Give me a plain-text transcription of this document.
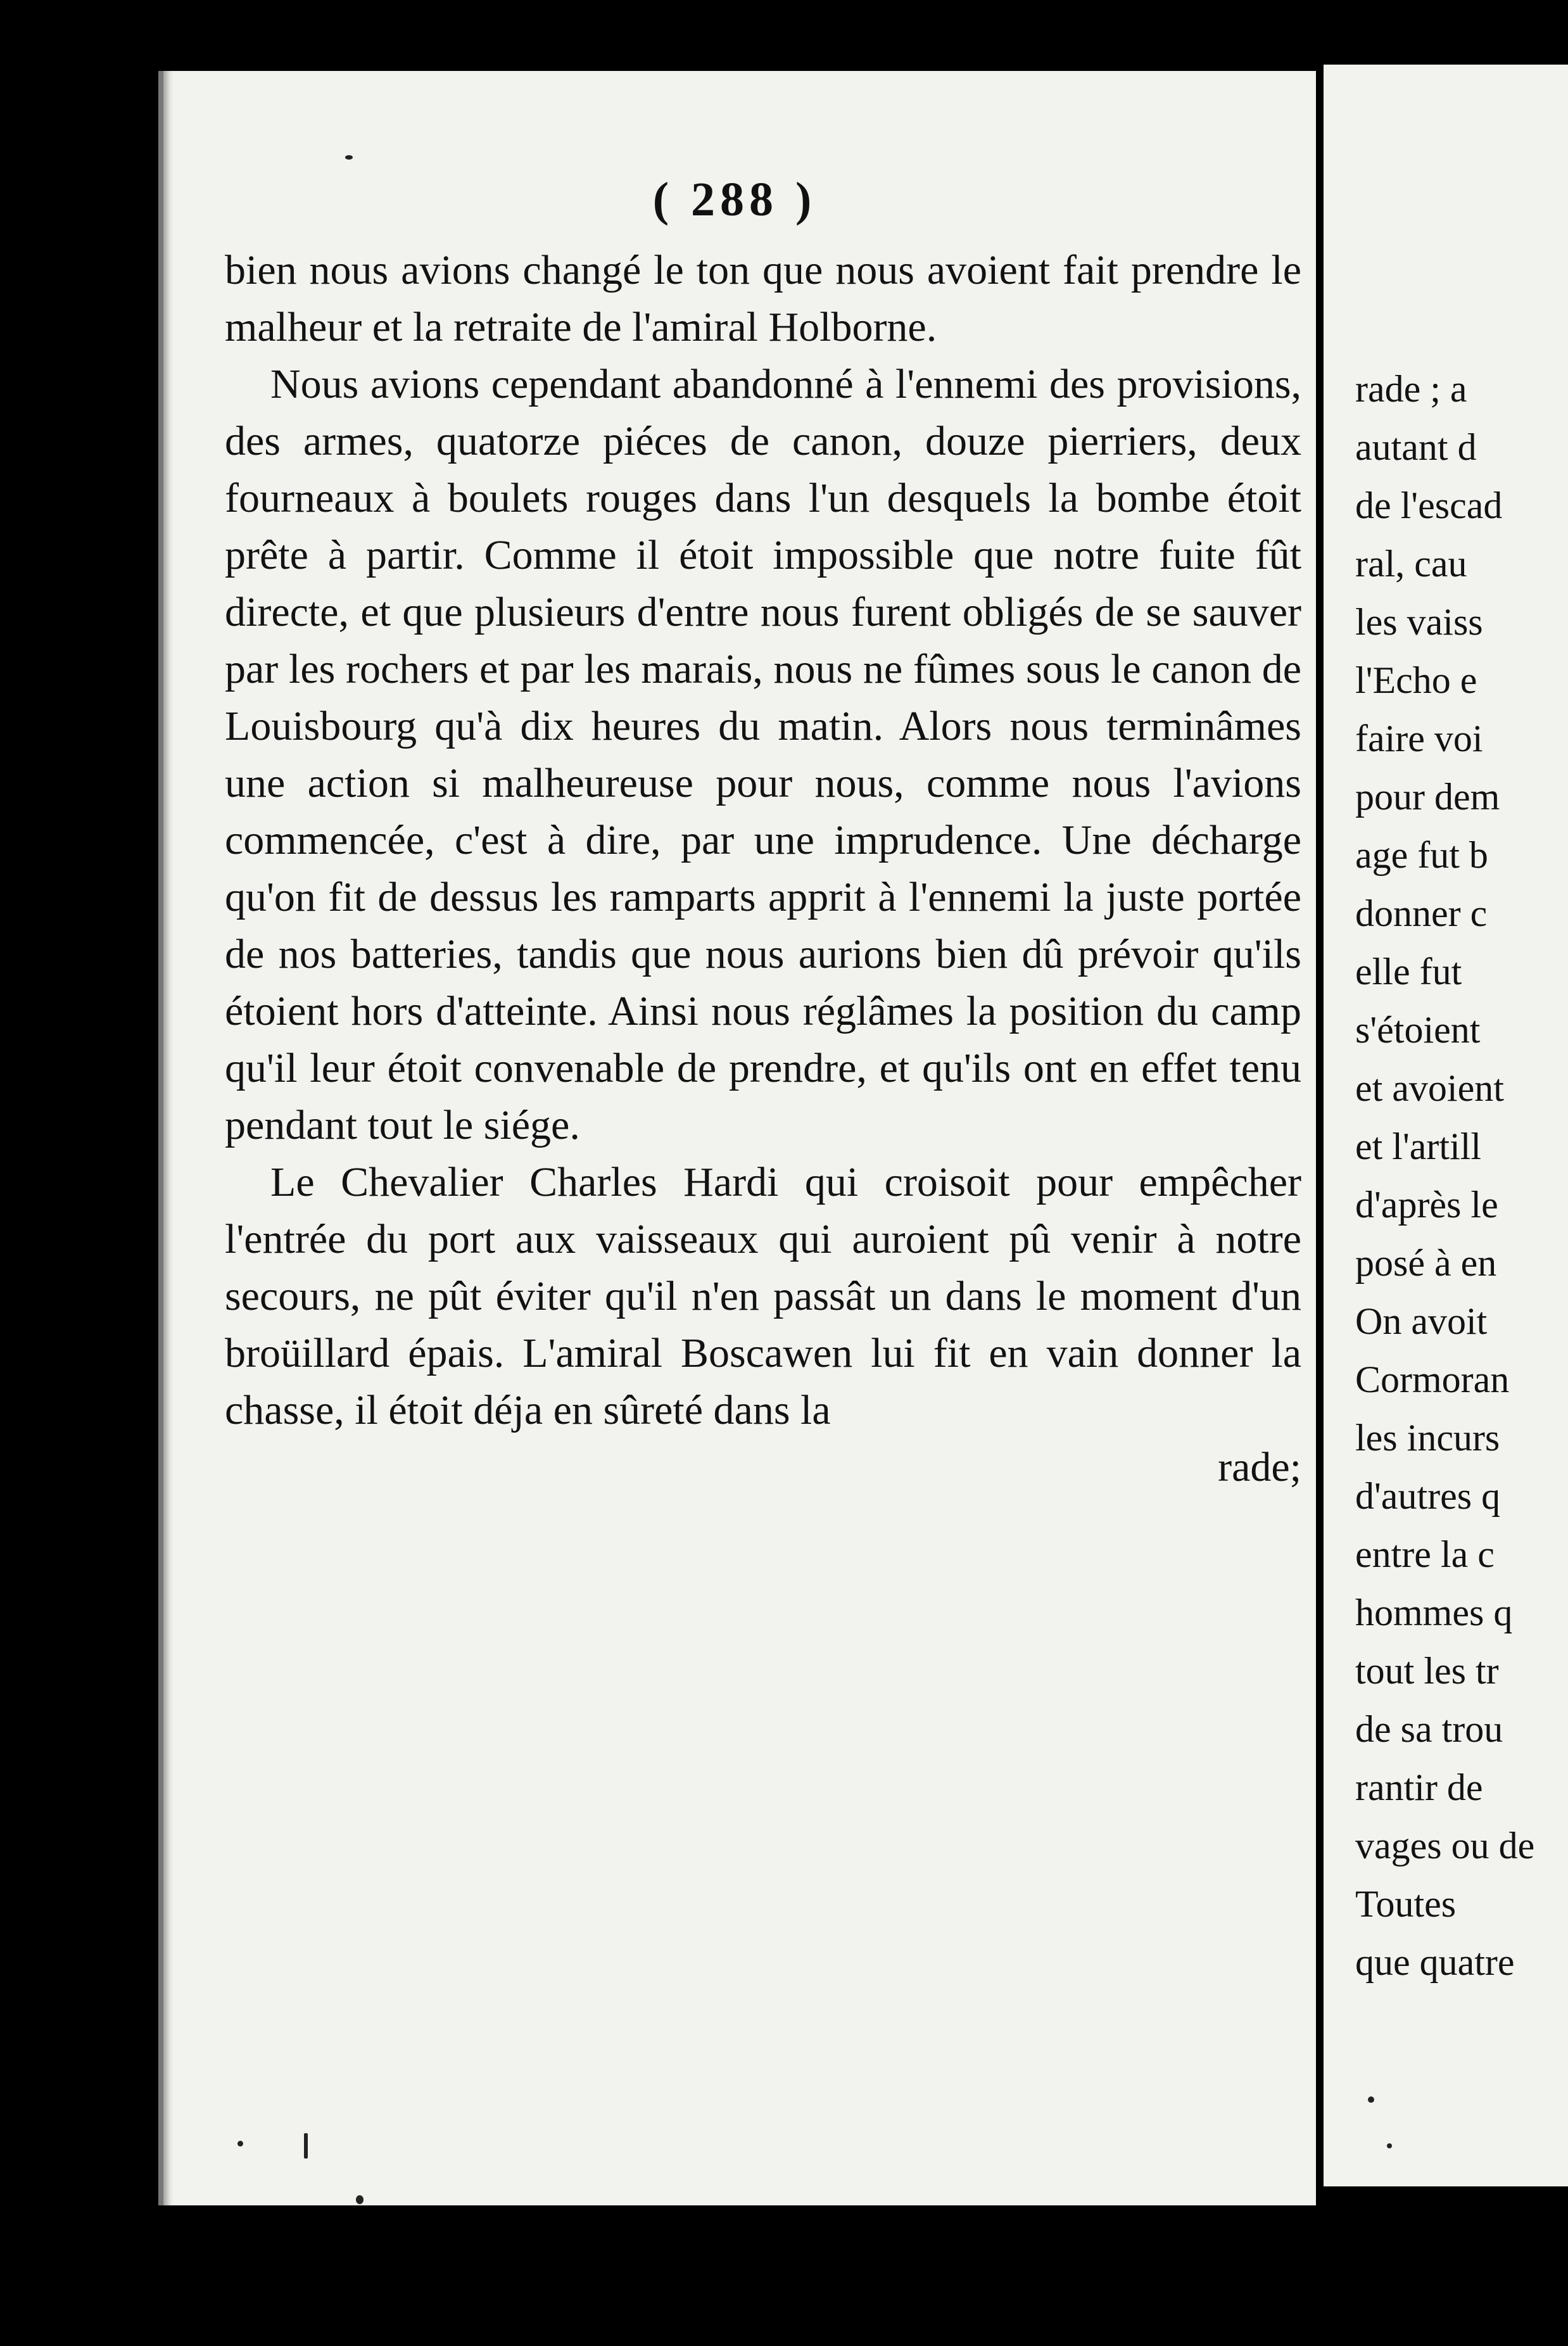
( 288 )

bien nous avions changé le ton que nous avoient fait prendre le malheur et la retraite de l'amiral Holborne.

Nous avions cependant abandonné à l'ennemi des provisions, des armes, quatorze piéces de canon, douze pierriers, deux fourneaux à boulets rouges dans l'un desquels la bombe étoit prête à partir. Comme il étoit impossible que notre fuite fût directe, et que plusieurs d'entre nous furent obligés de se sauver par les rochers et par les marais, nous ne fûmes sous le canon de Louisbourg qu'à dix heures du matin. Alors nous terminâmes une action si malheureuse pour nous, comme nous l'avions commencée, c'est à dire, par une imprudence. Une décharge qu'on fit de dessus les ramparts apprit à l'ennemi la juste portée de nos batteries, tandis que nous aurions bien dû prévoir qu'ils étoient hors d'atteinte. Ainsi nous réglâmes la position du camp qu'il leur étoit convenable de prendre, et qu'ils ont en effet tenu pendant tout le siége.

Le Chevalier Charles Hardi qui croisoit pour empêcher l'entrée du port aux vaisseaux qui auroient pû venir à notre secours, ne pût éviter qu'il n'en passât un dans le moment d'un broüillard épais. L'amiral Boscawen lui fit en vain donner la chasse, il étoit déja en sûreté dans la

rade;
rade ; a
autant d
de l'escad
ral, cau
les vaiss
l'Echo e
faire voi
pour dem
age fut b
donner c
elle fut
s'étoient
et avoient
et l'artill
d'après le
posé à en
On avoit
Cormoran
les incurs
d'autres q
entre la c
hommes q
tout les tr
de sa trou
rantir de
vages ou de
Toutes
que quatre
